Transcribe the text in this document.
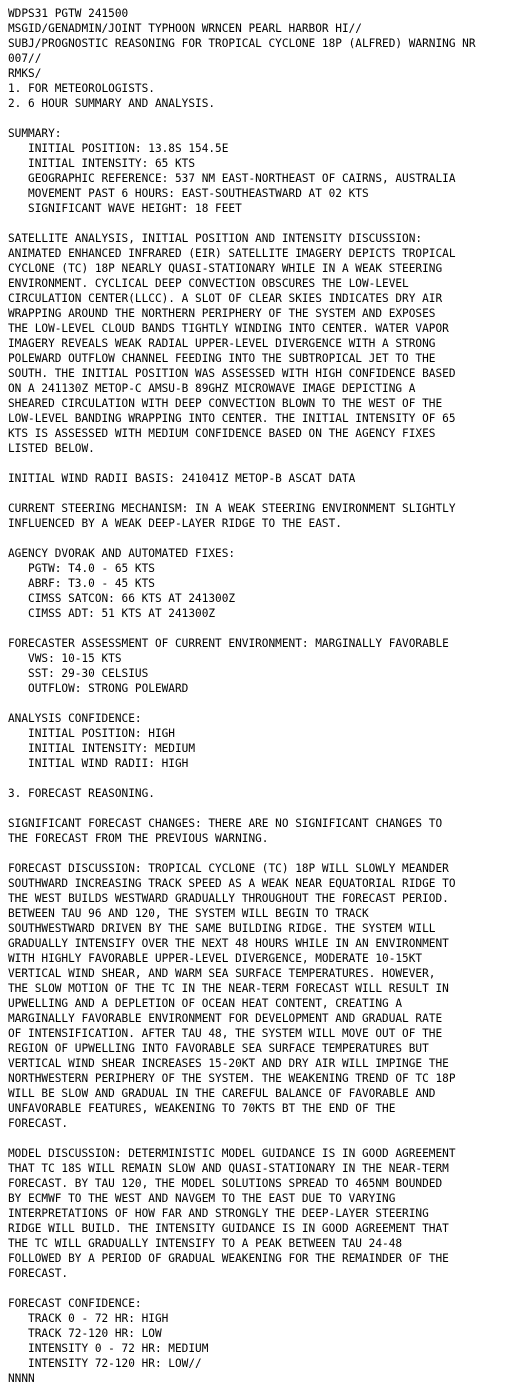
WDPS31 PGTW 241500
MSGID/GENADMIN/JOINT TYPHOON WRNCEN PEARL HARBOR HI//
SUBJ/PROGNOSTIC REASONING FOR TROPICAL CYCLONE 18P (ALFRED) WARNING NR
007//
RMKS/
1. FOR METEOROLOGISTS.
2. 6 HOUR SUMMARY AND ANALYSIS.
SUMMARY:
INITIAL POSITION: 13.8S 154.5E
INITIAL INTENSITY: 65 KTS
GEOGRAPHIC REFERENCE: 537 NM EAST-NORTHEAST OF CAIRNS, AUSTRALIA
MOVEMENT PAST 6 HOURS: EAST-SOUTHEASTWARD AT 02 KTS
SIGNIFICANT WAVE HEIGHT: 18 FEET
SATELLITE ANALYSIS, INITIAL POSITION AND INTENSITY DISCUSSION:
ANIMATED ENHANCED INFRARED (EIR) SATELLITE IMAGERY DEPICTS TROPICAL
CYCLONE (TC) 18P NEARLY QUASI-STATIONARY WHILE IN A WEAK STEERING
ENVIRONMENT. CYCLICAL DEEP CONVECTION OBSCURES THE LOW-LEVEL
CIRCULATION CENTER(LLCC). A SLOT OF CLEAR SKIES INDICATES DRY AIR
WRAPPING AROUND THE NORTHERN PERIPHERY OF THE SYSTEM AND EXPOSES
THE LOW-LEVEL CLOUD BANDS TIGHTLY WINDING INTO CENTER. WATER VAPOR
IMAGERY REVEALS WEAK RADIAL UPPER-LEVEL DIVERGENCE WITH A STRONG
POLEWARD OUTFLOW CHANNEL FEEDING INTO THE SUBTROPICAL JET TO THE
SOUTH. THE INITIAL POSITION WAS ASSESSED WITH HIGH CONFIDENCE BASED
ON A 241130Z METOP-C AMSU-B 89GHZ MICROWAVE IMAGE DEPICTING A
SHEARED CIRCULATION WITH DEEP CONVECTION BLOWN TO THE WEST OF THE
LOW-LEVEL BANDING WRAPPING INTO CENTER. THE INITIAL INTENSITY OF 65
KTS IS ASSESSED WITH MEDIUM CONFIDENCE BASED ON THE AGENCY FIXES
LISTED BELOW.
INITIAL WIND RADII BASIS: 241041Z METOP-B ASCAT DATA
CURRENT STEERING MECHANISM: IN A WEAK STEERING ENVIRONMENT SLIGHTLY
INFLUENCED BY A WEAK DEEP-LAYER RIDGE TO THE EAST.
AGENCY DVORAK AND AUTOMATED FIXES:
PGTW: T4.0 - 65 KTS
ABRF: T3.0 - 45 KTS
CIMSS SATCON: 66 KTS AT 241300Z
CIMSS ADT: 51 KTS AT 241300Z
FORECASTER ASSESSMENT OF CURRENT ENVIRONMENT: MARGINALLY FAVORABLE
VWS: 10-15 KTS
SST: 29-30 CELSIUS
OUTFLOW: STRONG POLEWARD
ANALYSIS CONFIDENCE:
INITIAL POSITION: HIGH
INITIAL INTENSITY: MEDIUM
INITIAL WIND RADII: HIGH
3. FORECAST REASONING.
SIGNIFICANT FORECAST CHANGES: THERE ARE NO SIGNIFICANT CHANGES TO
THE FORECAST FROM THE PREVIOUS WARNING.
FORECAST DISCUSSION: TROPICAL CYCLONE (TC) 18P WILL SLOWLY MEANDER
SOUTHWARD INCREASING TRACK SPEED AS A WEAK NEAR EQUATORIAL RIDGE TO
THE WEST BUILDS WESTWARD GRADUALLY THROUGHOUT THE FORECAST PERIOD.
BETWEEN TAU 96 AND 120, THE SYSTEM WILL BEGIN TO TRACK
SOUTHWESTWARD DRIVEN BY THE SAME BUILDING RIDGE. THE SYSTEM WILL
GRADUALLY INTENSIFY OVER THE NEXT 48 HOURS WHILE IN AN ENVIRONMENT
WITH HIGHLY FAVORABLE UPPER-LEVEL DIVERGENCE, MODERATE 10-15KT
VERTICAL WIND SHEAR, AND WARM SEA SURFACE TEMPERATURES. HOWEVER,
THE SLOW MOTION OF THE TC IN THE NEAR-TERM FORECAST WILL RESULT IN
UPWELLING AND A DEPLETION OF OCEAN HEAT CONTENT, CREATING A
MARGINALLY FAVORABLE ENVIRONMENT FOR DEVELOPMENT AND GRADUAL RATE
OF INTENSIFICATION. AFTER TAU 48, THE SYSTEM WILL MOVE OUT OF THE
REGION OF UPWELLING INTO FAVORABLE SEA SURFACE TEMPERATURES BUT
VERTICAL WIND SHEAR INCREASES 15-20KT AND DRY AIR WILL IMPINGE THE
NORTHWESTERN PERIPHERY OF THE SYSTEM. THE WEAKENING TREND OF TC 18P
WILL BE SLOW AND GRADUAL IN THE CAREFUL BALANCE OF FAVORABLE AND
UNFAVORABLE FEATURES, WEAKENING TO 70KTS BT THE END OF THE
FORECAST.
MODEL DISCUSSION: DETERMINISTIC MODEL GUIDANCE IS IN GOOD AGREEMENT
THAT TC 18S WILL REMAIN SLOW AND QUASI-STATIONARY IN THE NEAR-TERM
FORECAST. BY TAU 120, THE MODEL SOLUTIONS SPREAD TO 465NM BOUNDED
BY ECMWF TO THE WEST AND NAVGEM TO THE EAST DUE TO VARYING
INTERPRETATIONS OF HOW FAR AND STRONGLY THE DEEP-LAYER STEERING
RIDGE WILL BUILD. THE INTENSITY GUIDANCE IS IN GOOD AGREEMENT THAT
THE TC WILL GRADUALLY INTENSIFY TO A PEAK BETWEEN TAU 24-48
FOLLOWED BY A PERIOD OF GRADUAL WEAKENING FOR THE REMAINDER OF THE
FORECAST.
FORECAST CONFIDENCE:
TRACK 0 - 72 HR: HIGH
TRACK 72-120 HR: LOW
INTENSITY 0 - 72 HR: MEDIUM
INTENSITY 72-120 HR: LOW//
NNNN
